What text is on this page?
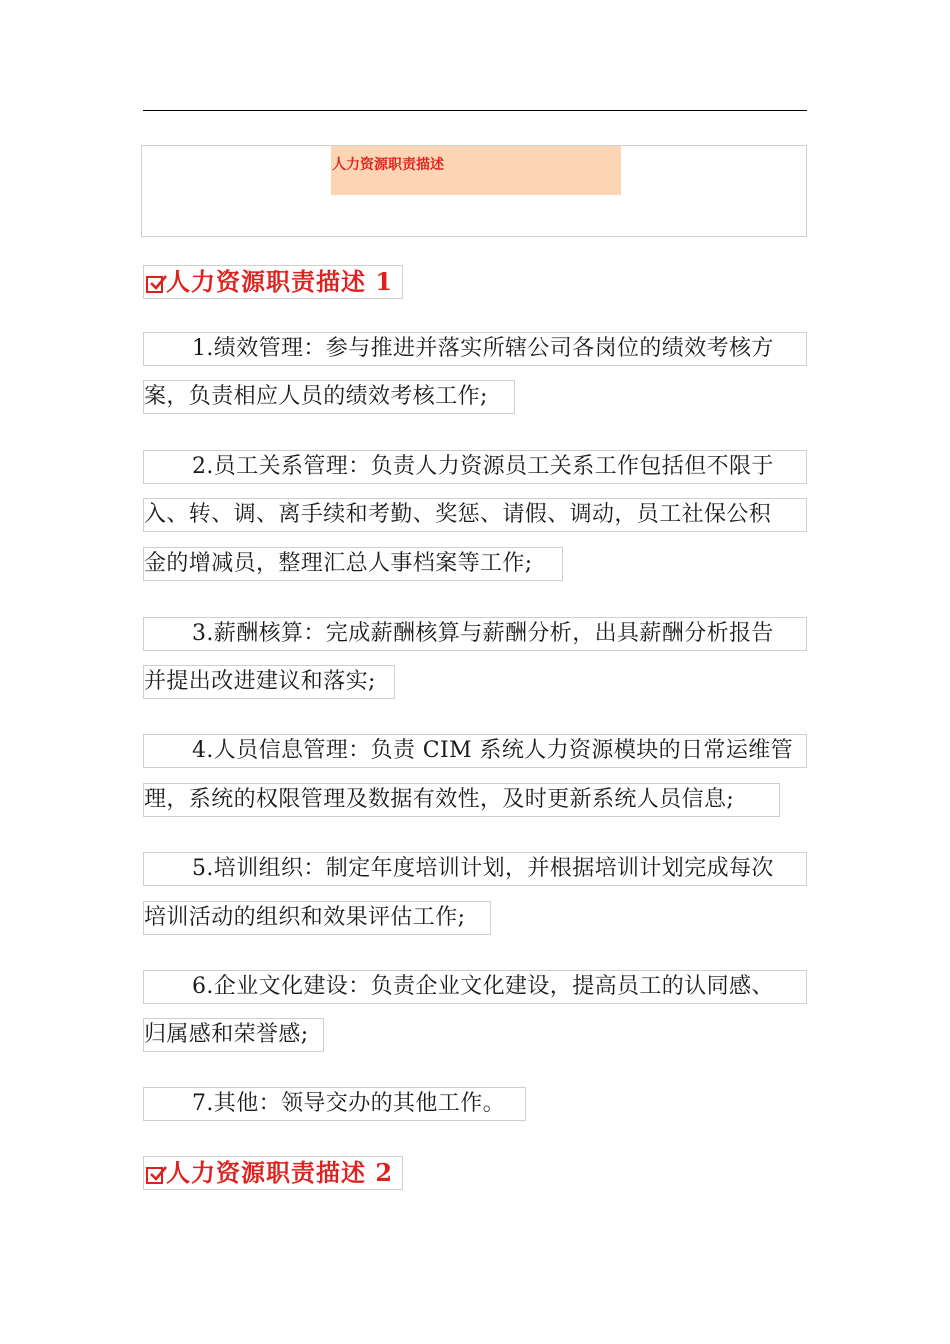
人力资源职责描述
人力资源职责描述 1
1.绩效管理：参与推进并落实所辖公司各岗位的绩效考核方
案，负责相应人员的绩效考核工作;
2.员工关系管理：负责人力资源员工关系工作包括但不限于
入、转、调、离手续和考勤、奖惩、请假、调动，员工社保公积
金的增减员，整理汇总人事档案等工作;
3.薪酬核算：完成薪酬核算与薪酬分析，出具薪酬分析报告
并提出改进建议和落实;
4.人员信息管理：负责 CIM 系统人力资源模块的日常运维管
理，系统的权限管理及数据有效性，及时更新系统人员信息;
5.培训组织：制定年度培训计划，并根据培训计划完成每次
培训活动的组织和效果评估工作;
6.企业文化建设：负责企业文化建设，提高员工的认同感、
归属感和荣誉感;
7.其他：领导交办的其他工作。
人力资源职责描述 2
